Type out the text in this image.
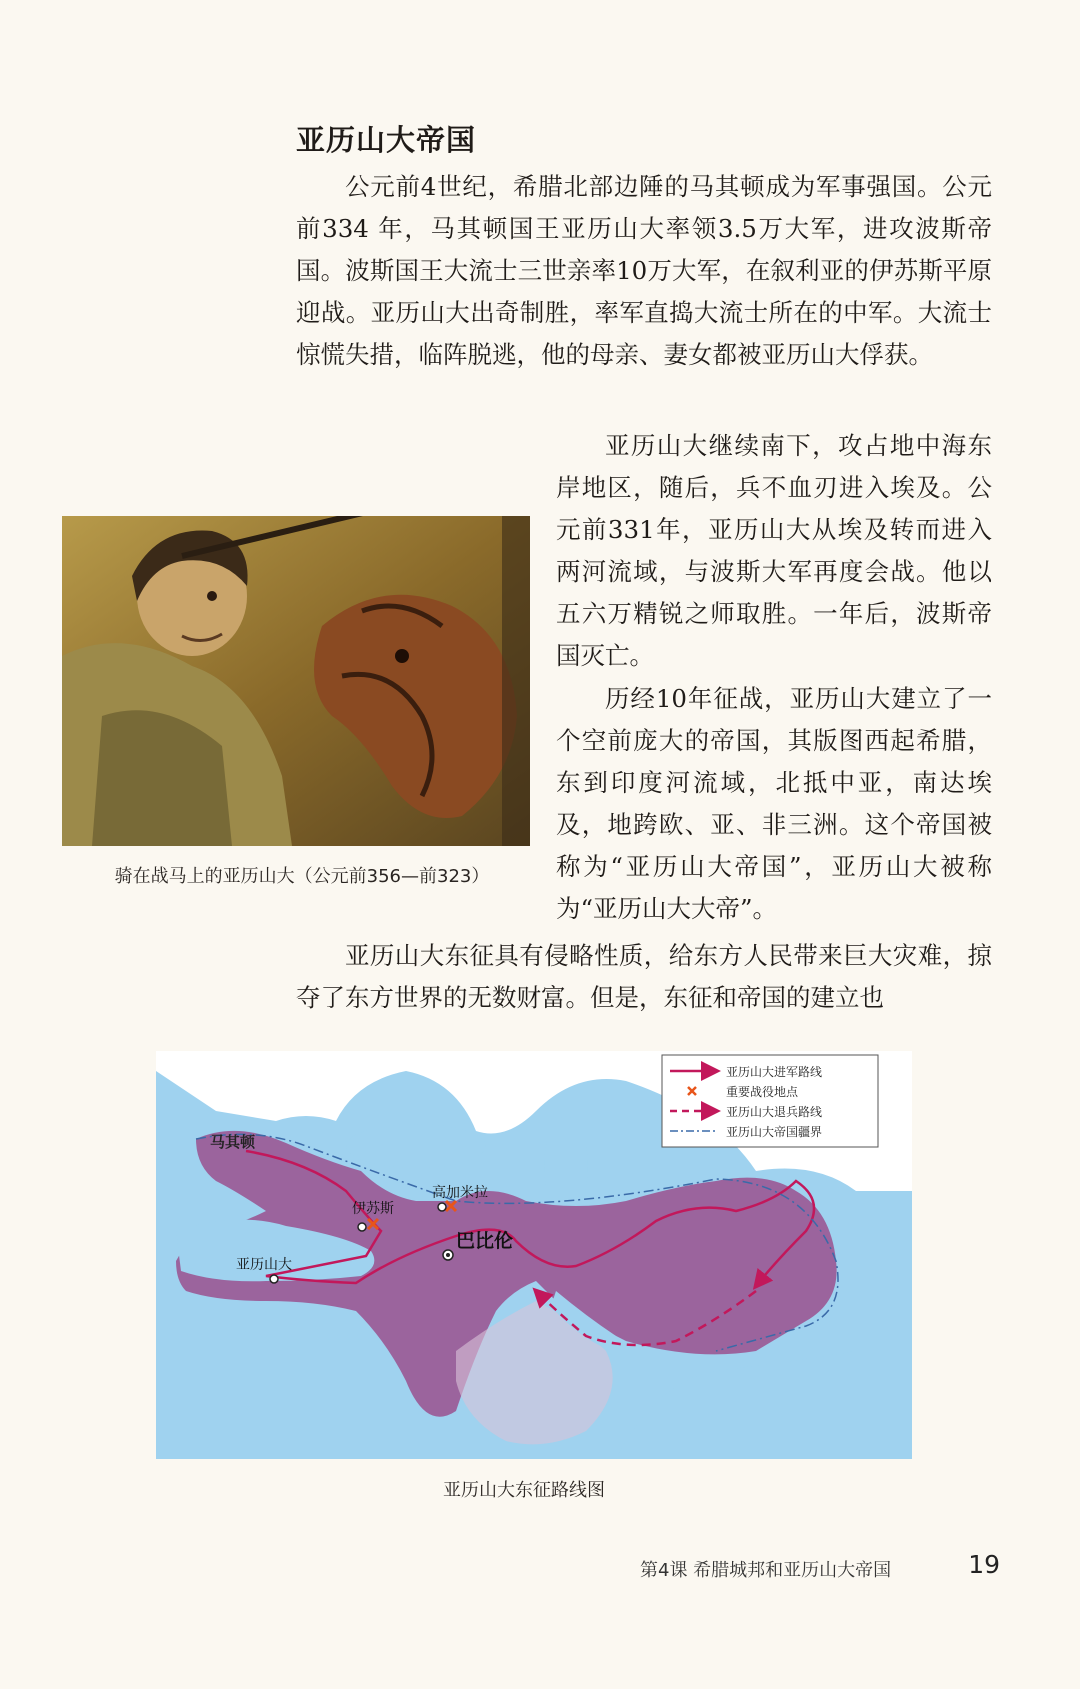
亚历山大帝国

公元前4世纪，希腊北部边陲的马其顿成为军事强国。公元前334 年，马其顿国王亚历山大率领3.5万大军，进攻波斯帝国。波斯国王大流士三世亲率10万大军，在叙利亚的伊苏斯平原迎战。亚历山大出奇制胜，率军直捣大流士所在的中军。大流士惊慌失措，临阵脱逃，他的母亲、妻女都被亚历山大俘获。

骑在战马上的亚历山大（公元前356—前323）

亚历山大继续南下，攻占地中海东岸地区，随后，兵不血刃进入埃及。公元前331年，亚历山大从埃及转而进入两河流域，与波斯大军再度会战。他以五六万精锐之师取胜。一年后，波斯帝国灭亡。

历经10年征战，亚历山大建立了一个空前庞大的帝国，其版图西起希腊，东到印度河流域，北抵中亚，南达埃及，地跨欧、亚、非三洲。这个帝国被称为“亚历山大帝国”，亚历山大被称为“亚历山大大帝”。

亚历山大东征具有侵略性质，给东方人民带来巨大灾难，掠夺了东方世界的无数财富。但是，东征和帝国的建立也

马其顿
伊苏斯
高加米拉
巴比伦
亚历山大
亚历山大进军路线
重要战役地点
亚历山大退兵路线
亚历山大帝国疆界
亚历山大东征路线图
第4课 希腊城邦和亚历山大帝国	19
